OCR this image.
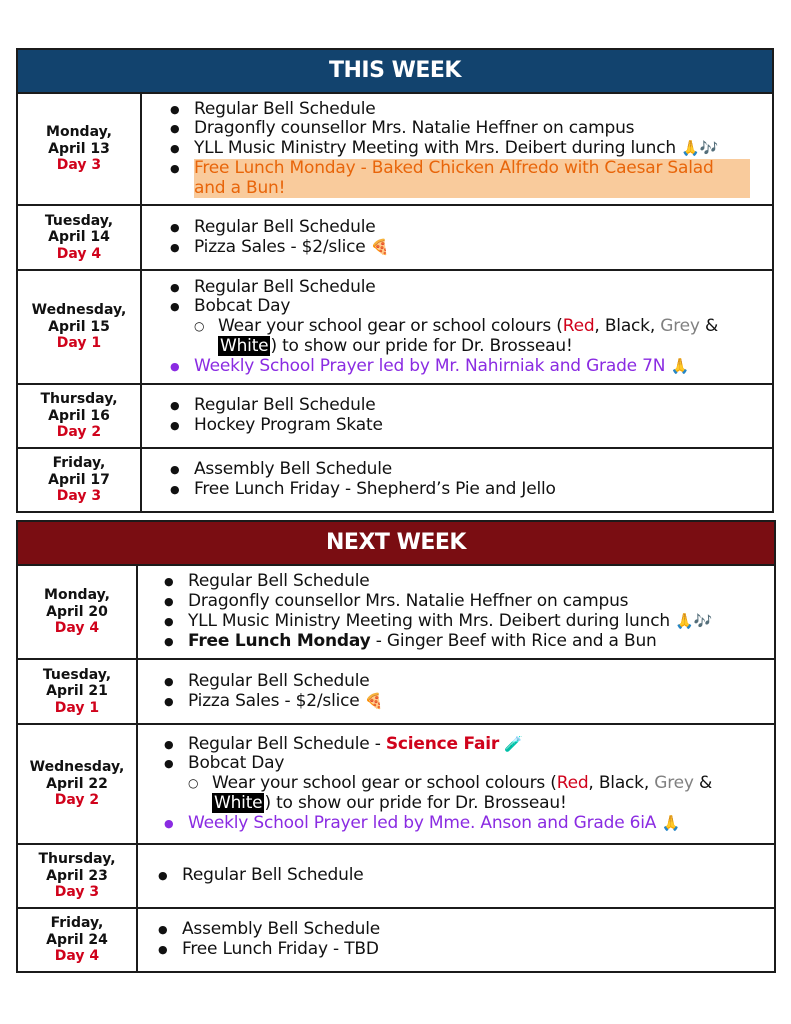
THIS WEEK
Monday,
April 13
Day 3
● Regular Bell Schedule
● Dragonfly counsellor Mrs. Natalie Heffner on campus
● YLL Music Ministry Meeting with Mrs. Deibert during lunch 🙏🎶
● Free Lunch Monday - Baked Chicken Alfredo with Caesar Salad and a Bun!
Tuesday,
April 14
Day 4
● Regular Bell Schedule
● Pizza Sales - $2/slice 🍕
Wednesday,
April 15
Day 1
● Regular Bell Schedule
● Bobcat Day
○ Wear your school gear or school colours (Red, Black, Grey &
White ) to show our pride for Dr. Brosseau!
● Weekly School Prayer led by Mr. Nahirniak and Grade 7N 🙏
Thursday,
April 16
Day 2
● Regular Bell Schedule
● Hockey Program Skate
Friday,
April 17
Day 3
● Assembly Bell Schedule
● Free Lunch Friday - Shepherd’s Pie and Jello
NEXT WEEK
Monday,
April 20
Day 4
● Regular Bell Schedule
● Dragonfly counsellor Mrs. Natalie Heffner on campus
● YLL Music Ministry Meeting with Mrs. Deibert during lunch 🙏🎶
● Free Lunch Monday - Ginger Beef with Rice and a Bun
Tuesday,
April 21
Day 1
● Regular Bell Schedule
● Pizza Sales - $2/slice 🍕
Wednesday,
April 22
Day 2
● Regular Bell Schedule - Science Fair 🧪
● Bobcat Day
○ Wear your school gear or school colours (Red, Black, Grey &
White ) to show our pride for Dr. Brosseau!
● Weekly School Prayer led by Mme. Anson and Grade 6iA 🙏
Thursday,
April 23
Day 3
● Regular Bell Schedule
Friday,
April 24
Day 4
● Assembly Bell Schedule
● Free Lunch Friday - TBD
